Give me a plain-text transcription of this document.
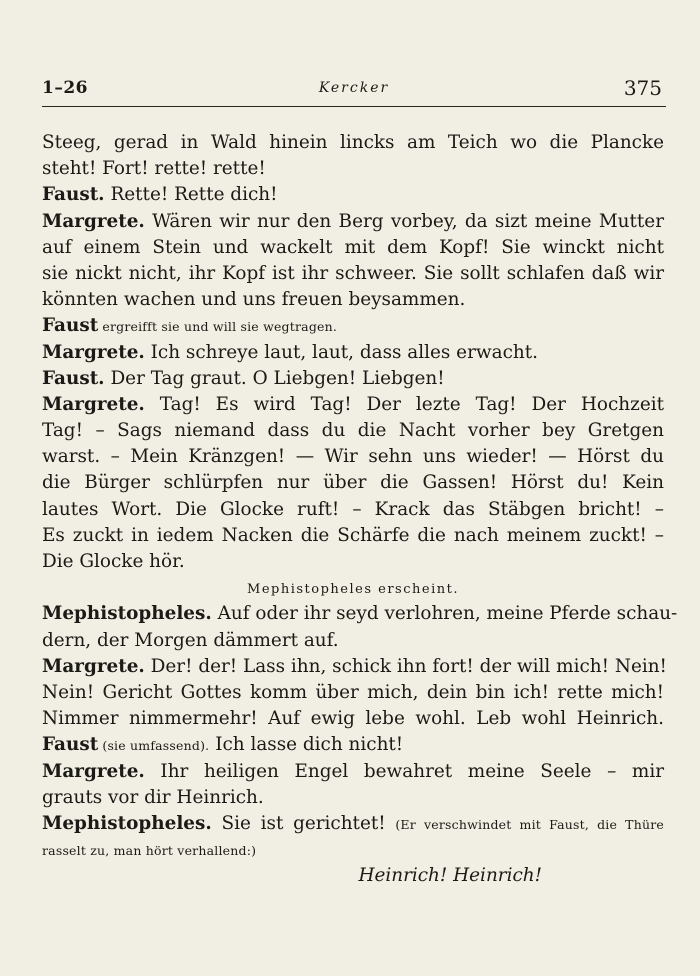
1–26	Kercker	375
Steeg, gerad in Wald hinein lincks am Teich wo die Plancke
steht! Fort! rette! rette!
Faust. Rette! Rette dich!
Margrete. Wären wir nur den Berg vorbey, da sizt meine Mutter
auf einem Stein und wackelt mit dem Kopf! Sie winckt nicht
sie nickt nicht, ihr Kopf ist ihr schweer. Sie sollt schlafen daß wir
könnten wachen und uns freuen beysammen.
Faust ergreifft sie und will sie wegtragen.
Margrete. Ich schreye laut, laut, dass alles erwacht.
Faust. Der Tag graut. O Liebgen! Liebgen!
Margrete. Tag! Es wird Tag! Der lezte Tag! Der Hochzeit
Tag! – Sags niemand dass du die Nacht vorher bey Gretgen
warst. – Mein Kränzgen! — Wir sehn uns wieder! — Hörst du
die Bürger schlürpfen nur über die Gassen! Hörst du! Kein
lautes Wort. Die Glocke ruft! – Krack das Stäbgen bricht! –
Es zuckt in iedem Nacken die Schärfe die nach meinem zuckt! –
Die Glocke hör.
Mephistopheles erscheint.
Mephistopheles. Auf oder ihr seyd verlohren, meine Pferde schau-
dern, der Morgen dämmert auf.
Margrete. Der! der! Lass ihn, schick ihn fort! der will mich! Nein!
Nein! Gericht Gottes komm über mich, dein bin ich! rette mich!
Nimmer nimmermehr! Auf ewig lebe wohl. Leb wohl Heinrich.
Faust (sie umfassend). Ich lasse dich nicht!
Margrete. Ihr heiligen Engel bewahret meine Seele – mir
grauts vor dir Heinrich.
Mephistopheles. Sie ist gerichtet! (Er verschwindet mit Faust, die Thüre
rasselt zu, man hört verhallend:)
Heinrich! Heinrich!
